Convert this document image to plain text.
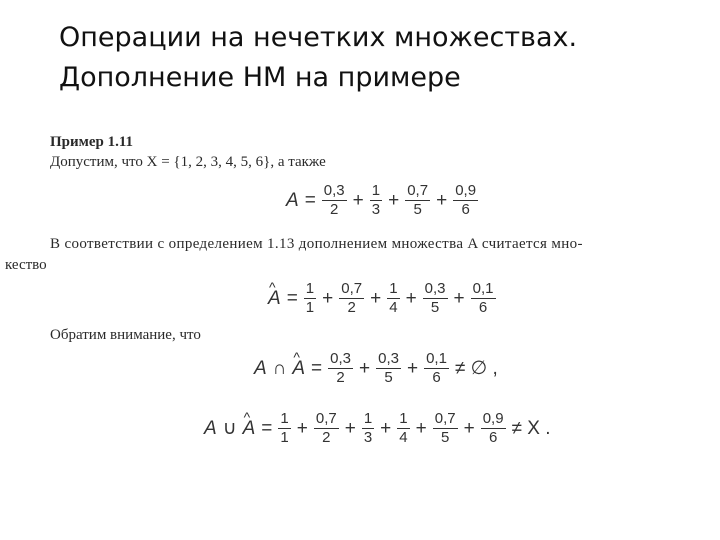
Операции на нечетких множествах.
Дополнение НМ на примере
Пример 1.11
Допустим, что X = {1, 2, 3, 4, 5, 6}, а также
$A = \frac{0,3}{2} + \frac{1}{3} + \frac{0,7}{5} + \frac{0,9}{6}$
В соответствии с определением 1.13 дополнением множества A считается мно-
кество
^ $A = \frac{1}{1} + \frac{0,7}{2} + \frac{1}{4} + \frac{0,3}{5} + \frac{0,1}{6}$
Обратим внимание, что
A ∩ ^ $A = \frac{0,3}{2} + \frac{0,3}{5} + \frac{0,1}{6}$ ≠ ∅ ,
A ∪ ^ $A = \frac{1}{1} + \frac{0,7}{2} + \frac{1}{3} + \frac{1}{4} + \frac{0,7}{5} + \frac{0,9}{6} \ne X$ .
